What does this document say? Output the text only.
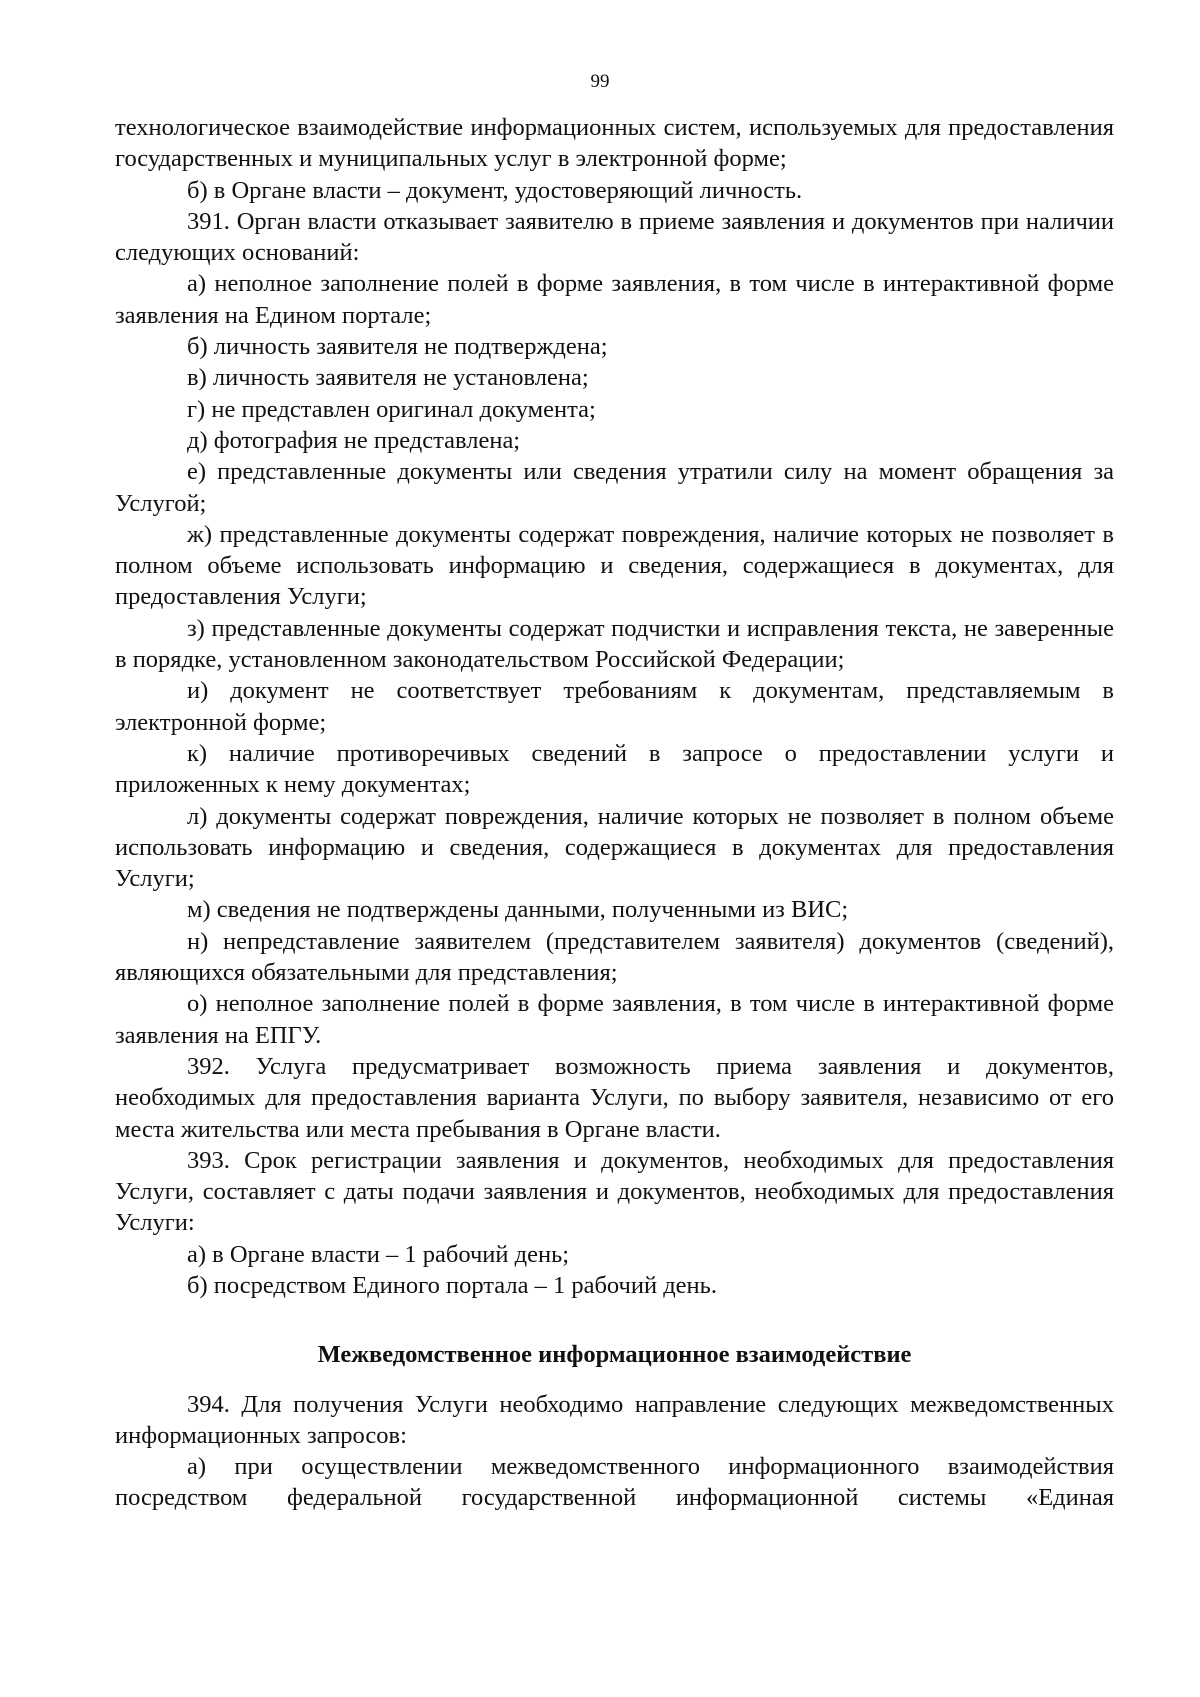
99

технологическое взаимодействие информационных систем, используемых для предоставления государственных и муниципальных услуг в электронной форме;

б) в Органе власти – документ, удостоверяющий личность.

391. Орган власти отказывает заявителю в приеме заявления и документов при наличии следующих оснований:

а) неполное заполнение полей в форме заявления, в том числе в интерактивной форме заявления на Едином портале;

б) личность заявителя не подтверждена;

в) личность заявителя не установлена;

г) не представлен оригинал документа;

д) фотография не представлена;

е) представленные документы или сведения утратили силу на момент обращения за Услугой;

ж) представленные документы содержат повреждения, наличие которых не позволяет в полном объеме использовать информацию и сведения, содержащиеся в документах, для предоставления Услуги;

з) представленные документы содержат подчистки и исправления текста, не заверенные в порядке, установленном законодательством Российской Федерации;

и) документ не соответствует требованиям к документам, представляемым в электронной форме;

к) наличие противоречивых сведений в запросе о предоставлении услуги и приложенных к нему документах;

л) документы содержат повреждения, наличие которых не позволяет в полном объеме использовать информацию и сведения, содержащиеся в документах для предоставления Услуги;

м) сведения не подтверждены данными, полученными из ВИС;

н) непредставление заявителем (представителем заявителя) документов (сведений), являющихся обязательными для представления;

о) неполное заполнение полей в форме заявления, в том числе в интерактивной форме заявления на ЕПГУ.

392. Услуга предусматривает возможность приема заявления и документов, необходимых для предоставления варианта Услуги, по выбору заявителя, независимо от его места жительства или места пребывания в Органе власти.

393. Срок регистрации заявления и документов, необходимых для предоставления Услуги, составляет с даты подачи заявления и документов, необходимых для предоставления Услуги:

а) в Органе власти – 1 рабочий день;

б) посредством Единого портала – 1 рабочий день.

Межведомственное информационное взаимодействие

394. Для получения Услуги необходимо направление следующих межведомственных информационных запросов:

а) при осуществлении межведомственного информационного взаимодействия посредством федеральной государственной информационной системы «Единая
